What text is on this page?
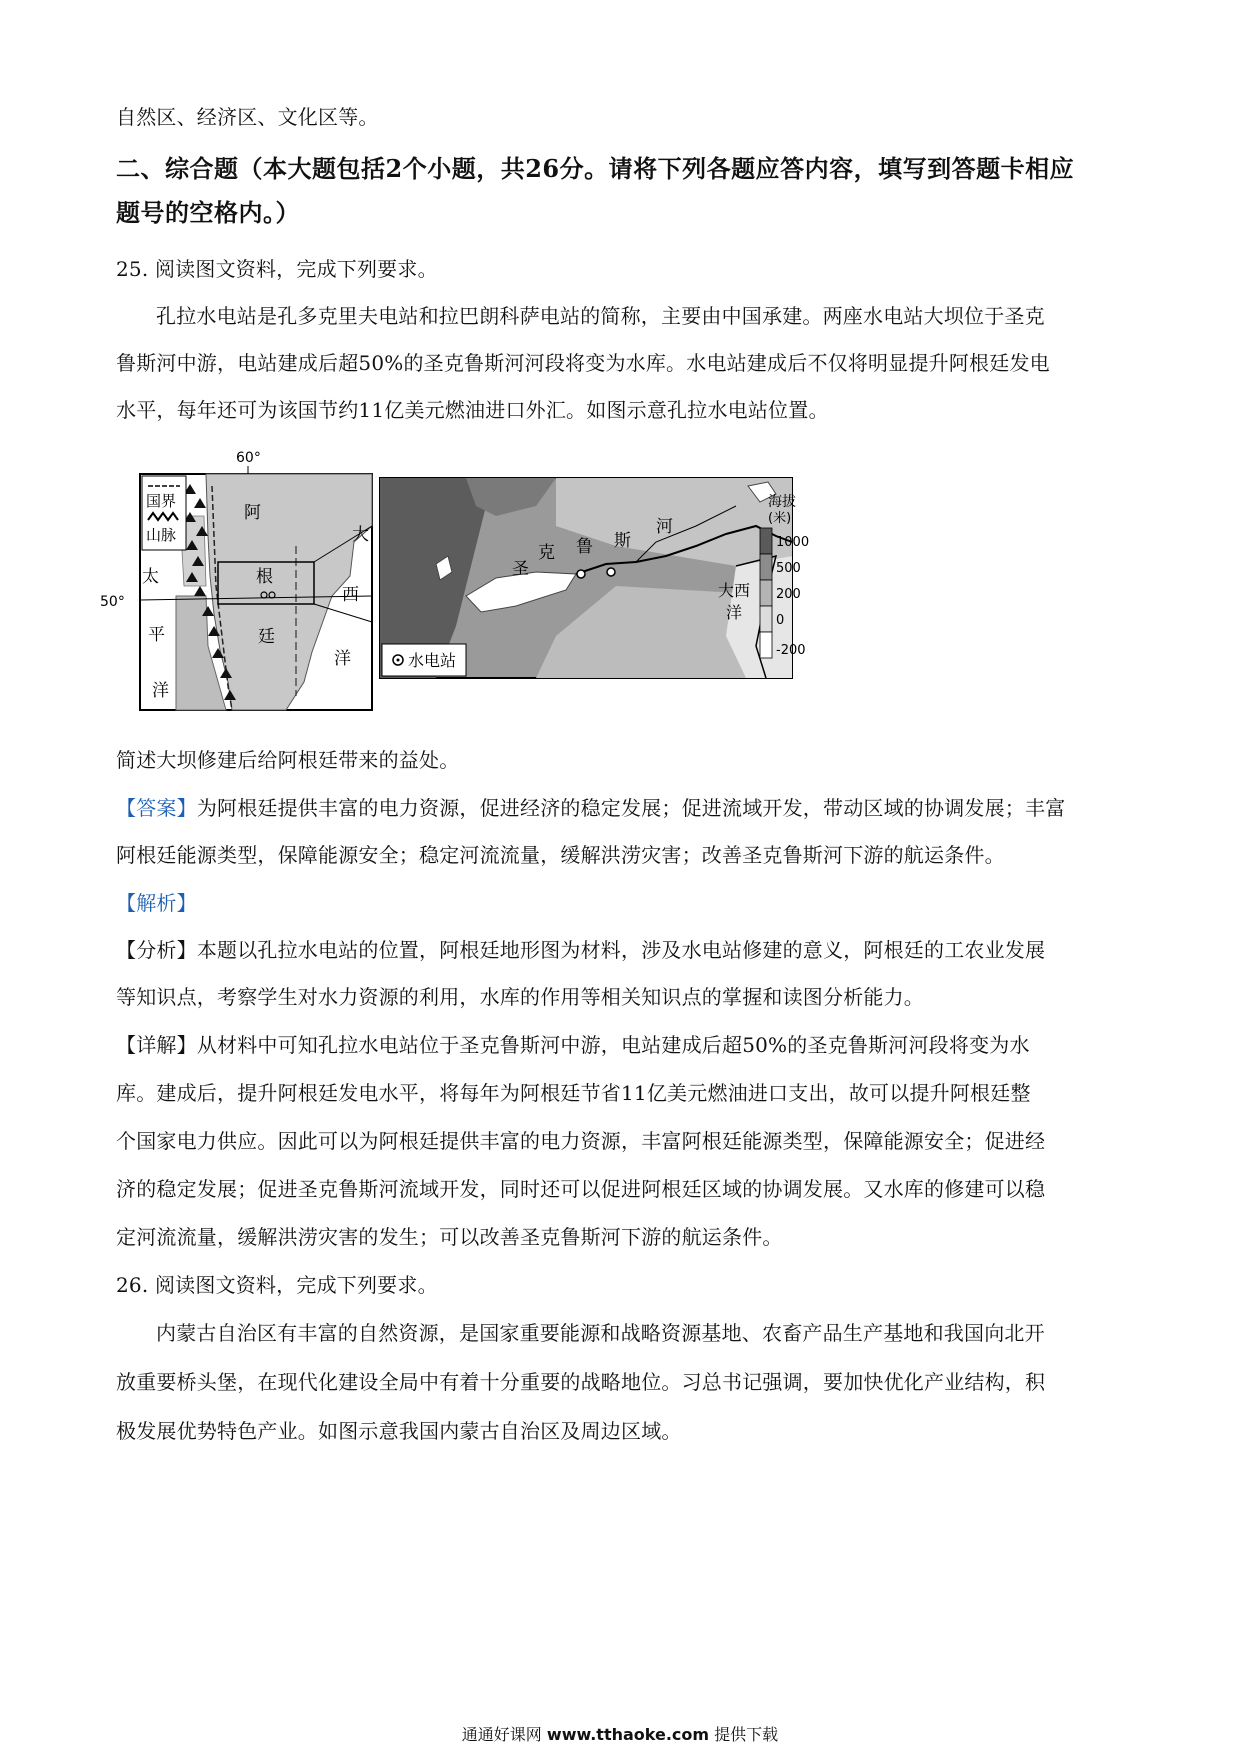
自然区、经济区、文化区等。
二、综合题（本大题包括2个小题，共26分。请将下列各题应答内容，填写到答题卡相应
题号的空格内。）
25. 阅读图文资料，完成下列要求。
孔拉水电站是孔多克里夫电站和拉巴朗科萨电站的简称，主要由中国承建。两座水电站大坝位于圣克
鲁斯河中游，电站建成后超50%的圣克鲁斯河河段将变为水库。水电站建成后不仅将明显提升阿根廷发电
水平，每年还可为该国节约11亿美元燃油进口外汇。如图示意孔拉水电站位置。
60°
50°
国界
山脉
阿
根
廷
太
平
洋
大
西
洋
圣
克 鲁 斯
河
大西
洋
水电站
海拔
(米)
1000
500
200
0
-200
简述大坝修建后给阿根廷带来的益处。
【答案】为阿根廷提供丰富的电力资源，促进经济的稳定发展；促进流域开发，带动区域的协调发展；丰富
阿根廷能源类型，保障能源安全；稳定河流流量，缓解洪涝灾害；改善圣克鲁斯河下游的航运条件。
【解析】
【分析】本题以孔拉水电站的位置，阿根廷地形图为材料，涉及水电站修建的意义，阿根廷的工农业发展
等知识点，考察学生对水力资源的利用，水库的作用等相关知识点的掌握和读图分析能力。
【详解】从材料中可知孔拉水电站位于圣克鲁斯河中游，电站建成后超50%的圣克鲁斯河河段将变为水
库。建成后，提升阿根廷发电水平，将每年为阿根廷节省11亿美元燃油进口支出，故可以提升阿根廷整
个国家电力供应。因此可以为阿根廷提供丰富的电力资源，丰富阿根廷能源类型，保障能源安全；促进经
济的稳定发展；促进圣克鲁斯河流域开发，同时还可以促进阿根廷区域的协调发展。又水库的修建可以稳
定河流流量，缓解洪涝灾害的发生；可以改善圣克鲁斯河下游的航运条件。
26. 阅读图文资料，完成下列要求。
内蒙古自治区有丰富的自然资源，是国家重要能源和战略资源基地、农畜产品生产基地和我国向北开
放重要桥头堡，在现代化建设全局中有着十分重要的战略地位。习总书记强调，要加快优化产业结构，积
极发展优势特色产业。如图示意我国内蒙古自治区及周边区域。
通通好课网 www.tthaoke.com 提供下载
